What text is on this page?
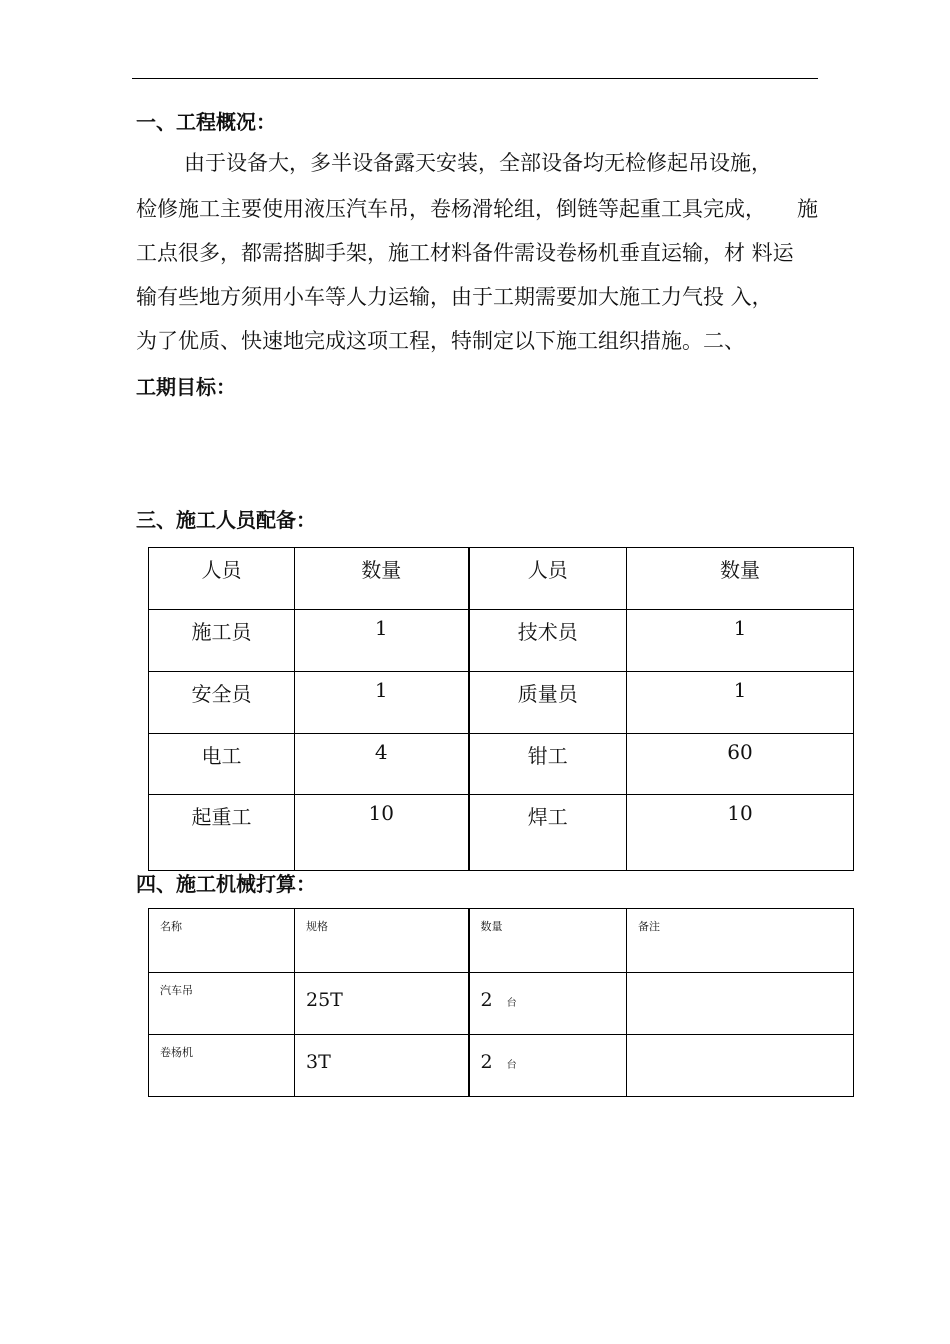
一、工程概况：
由于设备大，多半设备露天安装，全部设备均无检修起吊设施，
检修施工主要使用液压汽车吊，卷杨滑轮组，倒链等起重工具完成， 施
工点很多，都需搭脚手架，施工材料备件需设卷杨机垂直运输，材 料运
输有些地方须用小车等人力运输，由于工期需要加大施工力气投 入，
为了优质、快速地完成这项工程，特制定以下施工组织措施。二、
工期目标：
三、施工人员配备：
人员	数量	人员	数量
施工员	1	技术员	1
安全员	1	质量员	1
电工	4	钳工	60
起重工	10	焊工	10
四、施工机械打算：
名称	规格	数量	备注

汽车吊	25T	2 台	

卷杨机	3T	2 台	
